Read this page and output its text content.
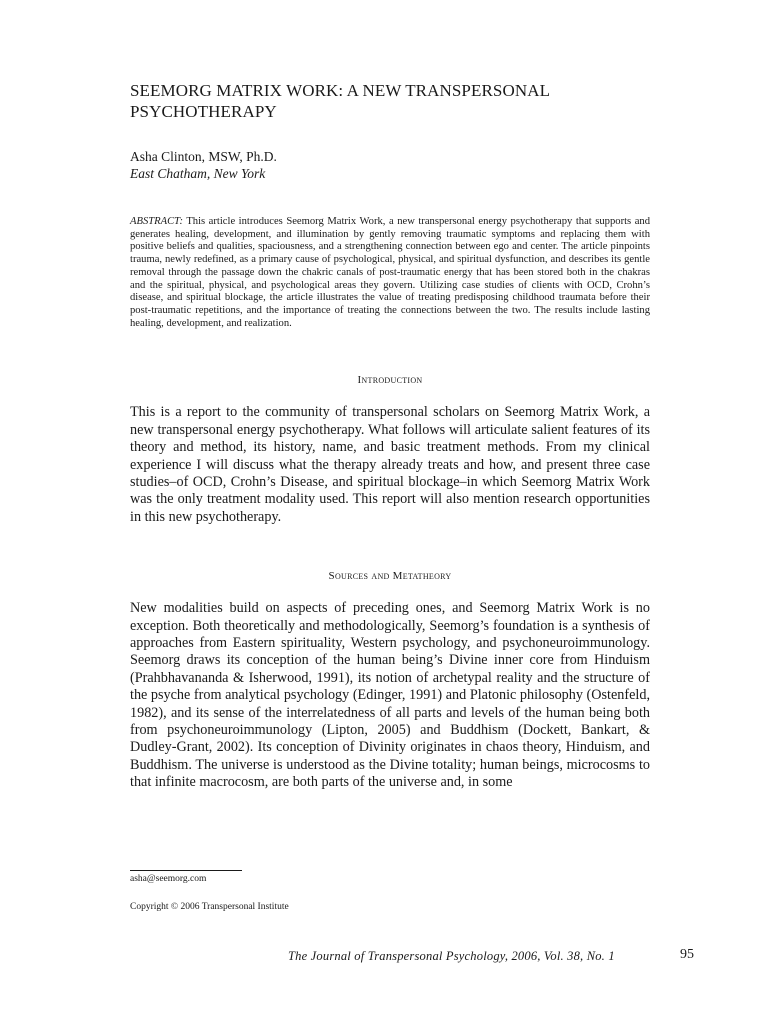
SEEMORG MATRIX WORK: A NEW TRANSPERSONAL PSYCHOTHERAPY
Asha Clinton, MSW, Ph.D.
East Chatham, New York
ABSTRACT: This article introduces Seemorg Matrix Work, a new transpersonal energy psychotherapy that supports and generates healing, development, and illumination by gently removing traumatic symptoms and replacing them with positive beliefs and qualities, spaciousness, and a strengthening connection between ego and center. The article pinpoints trauma, newly redefined, as a primary cause of psychological, physical, and spiritual dysfunction, and describes its gentle removal through the passage down the chakric canals of post-traumatic energy that has been stored both in the chakras and the spiritual, physical, and psychological areas they govern. Utilizing case studies of clients with OCD, Crohn’s disease, and spiritual blockage, the article illustrates the value of treating predisposing childhood traumata before their post-traumatic repetitions, and the importance of treating the connections between the two. The results include lasting healing, development, and realization.
Introduction

This is a report to the community of transpersonal scholars on Seemorg Matrix Work, a new transpersonal energy psychotherapy. What follows will articulate salient features of its theory and method, its history, name, and basic treatment methods. From my clinical experience I will discuss what the therapy already treats and how, and present three case studies–of OCD, Crohn’s Disease, and spiritual blockage–in which Seemorg Matrix Work was the only treatment modality used. This report will also mention research opportunities in this new psychotherapy.

Sources and Metatheory

New modalities build on aspects of preceding ones, and Seemorg Matrix Work is no exception. Both theoretically and methodologically, Seemorg’s foundation is a synthesis of approaches from Eastern spirituality, Western psychology, and psychoneuroimmunology. Seemorg draws its conception of the human being’s Divine inner core from Hinduism (Prahbhavananda & Isherwood, 1991), its notion of archetypal reality and the structure of the psyche from analytical psychology (Edinger, 1991) and Platonic philosophy (Ostenfeld, 1982), and its sense of the interrelatedness of all parts and levels of the human being both from psychoneuroimmunology (Lipton, 2005) and Buddhism (Dockett, Bankart, & Dudley-Grant, 2002). Its conception of Divinity originates in chaos theory, Hinduism, and Buddhism. The universe is understood as the Divine totality; human beings, microcosms to that infinite macrocosm, are both parts of the universe and, in some

asha@seemorg.com
Copyright © 2006 Transpersonal Institute
The Journal of Transpersonal Psychology, 2006, Vol. 38, No. 1	95
